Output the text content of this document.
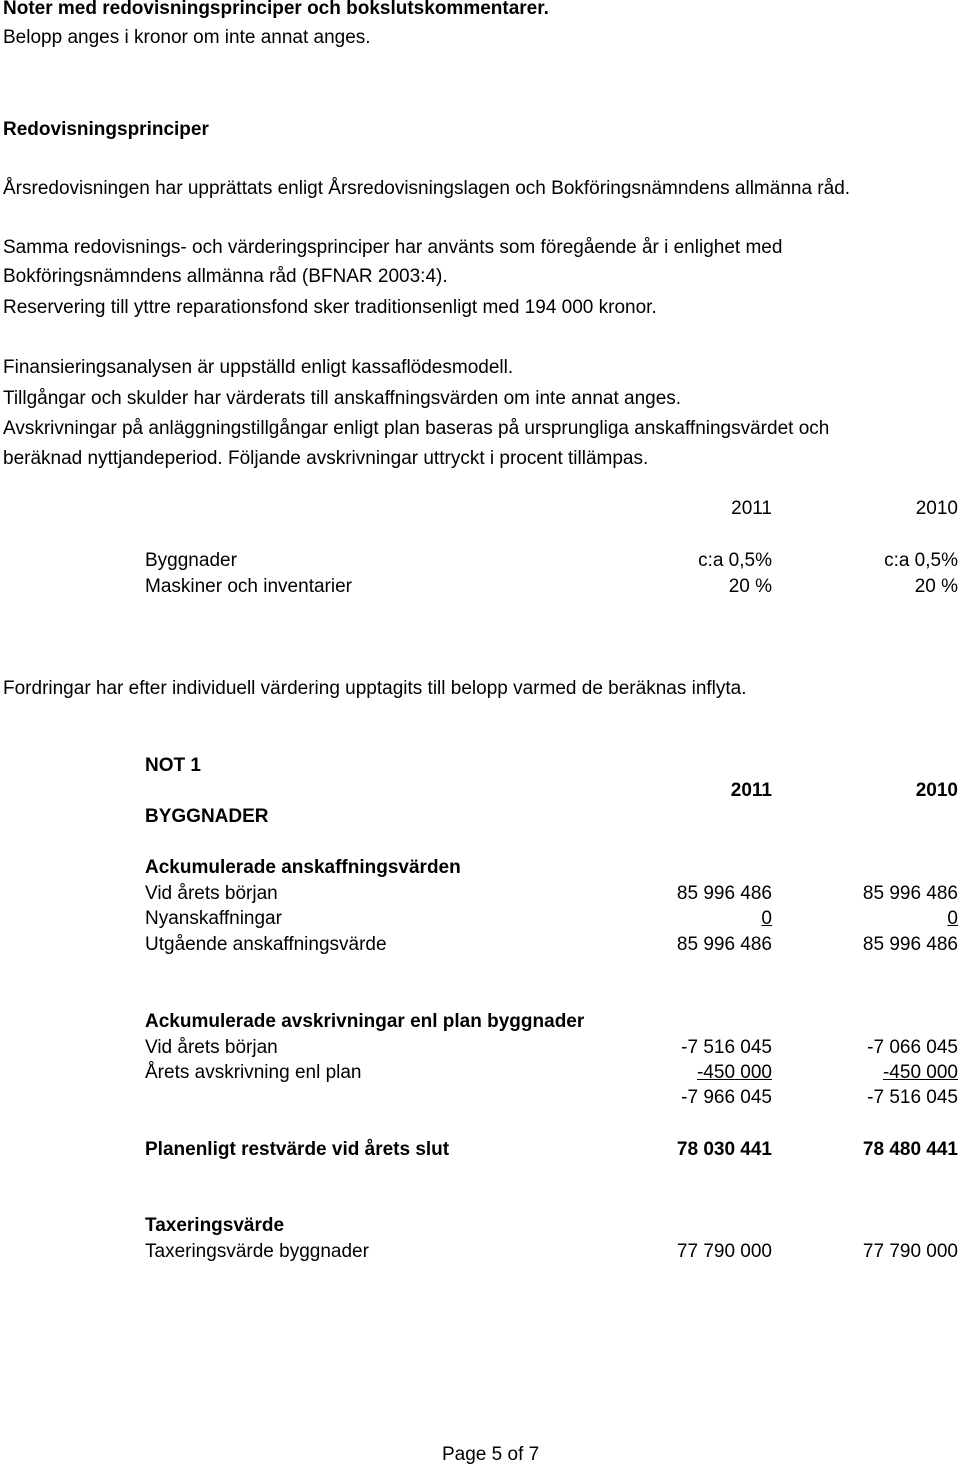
Noter med redovisningsprinciper och bokslutskommentarer.
Belopp anges i kronor om inte annat anges.
Redovisningsprinciper
Årsredovisningen har upprättats enligt Årsredovisningslagen och Bokföringsnämndens allmänna råd.
Samma redovisnings- och värderingsprinciper har använts som föregående år i enlighet med
Bokföringsnämndens allmänna råd (BFNAR 2003:4).
Reservering till yttre reparationsfond sker traditionsenligt med 194 000 kronor.
Finansieringsanalysen är uppställd enligt kassaflödesmodell.
Tillgångar och skulder har värderats till anskaffningsvärden om inte annat anges.
Avskrivningar på anläggningstillgångar enligt plan baseras på ursprungliga anskaffningsvärdet och
beräknad nyttjandeperiod. Följande avskrivningar uttryckt i procent tillämpas.
2011	2010
Byggnader	c:a 0,5%	c:a 0,5%
Maskiner och inventarier	20 %	20 %
Fordringar har efter individuell värdering upptagits till belopp varmed de beräknas inflyta.
NOT 1
2011	2010
BYGGNADER
Ackumulerade anskaffningsvärden
Vid årets början	85 996 486	85 996 486
Nyanskaffningar	0	0
Utgående anskaffningsvärde	85 996 486	85 996 486
Ackumulerade avskrivningar enl plan byggnader
Vid årets början	-7 516 045	-7 066 045
Årets avskrivning enl plan	-450 000	-450 000
-7 966 045	-7 516 045
Planenligt restvärde vid årets slut	78 030 441	78 480 441
Taxeringsvärde
Taxeringsvärde byggnader	77 790 000	77 790 000
Page 5 of 7
